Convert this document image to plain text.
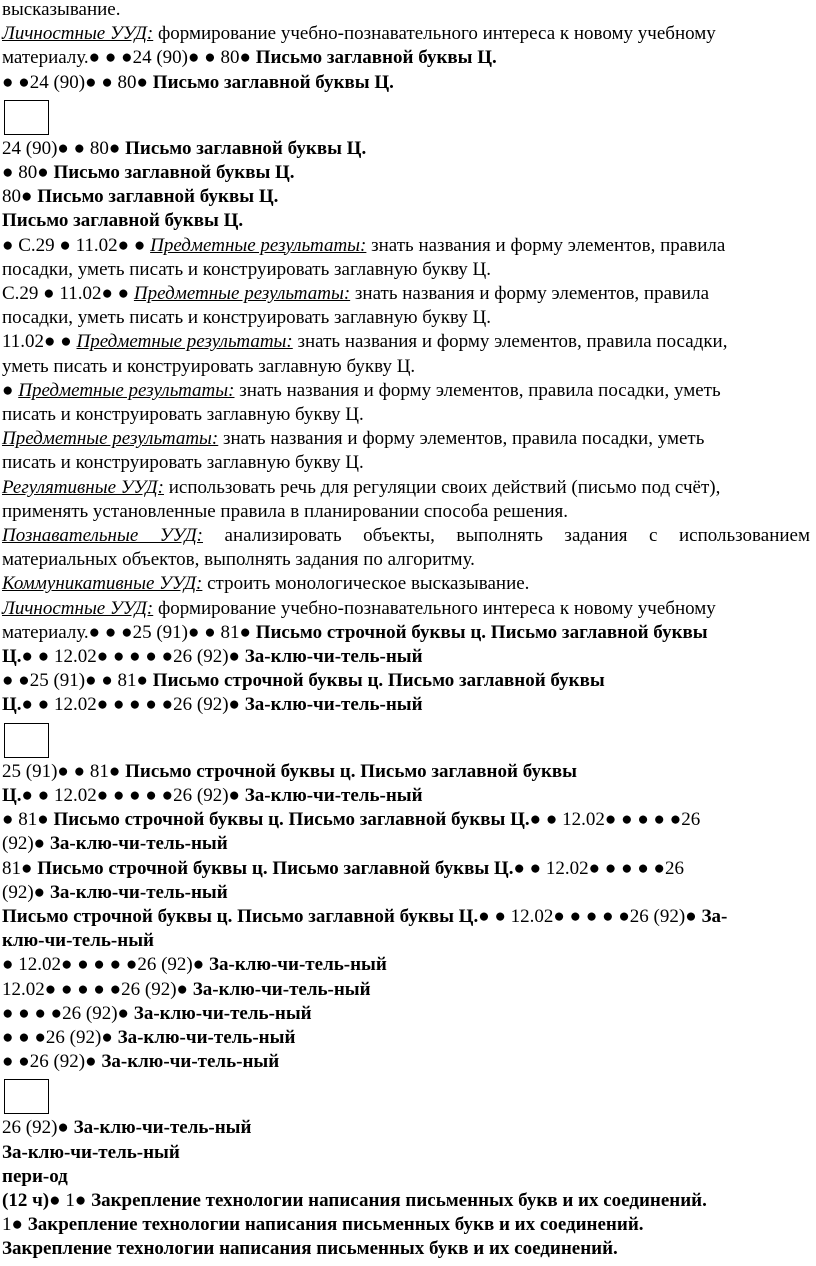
высказывание.
Личностные УУД: формирование учебно-познавательного интереса к новому учебному
материалу.● ● ●24 (90)● ● 80● Письмо заглавной буквы Ц.
● ●24 (90)● ● 80● Письмо заглавной буквы Ц.
24 (90)● ● 80● Письмо заглавной буквы Ц.
● 80● Письмо заглавной буквы Ц.
80● Письмо заглавной буквы Ц.
Письмо заглавной буквы Ц.
● С.29 ● 11.02● ● Предметные результаты: знать названия и форму элементов, правила
посадки, уметь писать и конструировать заглавную букву Ц.
С.29 ● 11.02● ● Предметные результаты: знать названия и форму элементов, правила
посадки, уметь писать и конструировать заглавную букву Ц.
11.02● ● Предметные результаты: знать названия и форму элементов, правила посадки,
уметь писать и конструировать заглавную букву Ц.
● Предметные результаты: знать названия и форму элементов, правила посадки, уметь
писать и конструировать заглавную букву Ц.
Предметные результаты: знать названия и форму элементов, правила посадки, уметь
писать и конструировать заглавную букву Ц.
Регулятивные УУД: использовать речь для регуляции своих действий (письмо под счёт),
применять установленные правила в планировании способа решения.
Познавательные УУД: анализировать объекты, выполнять задания с использованием
материальных объектов, выполнять задания по алгоритму.
Коммуникативные УУД: строить монологическое высказывание.
Личностные УУД: формирование учебно-познавательного интереса к новому учебному
материалу.● ● ●25 (91)● ● 81● Письмо строчной буквы ц. Письмо заглавной буквы
Ц.● ● 12.02● ● ● ● ●26 (92)● За-клю-чи-тель-ный
● ●25 (91)● ● 81● Письмо строчной буквы ц. Письмо заглавной буквы
Ц.● ● 12.02● ● ● ● ●26 (92)● За-клю-чи-тель-ный
25 (91)● ● 81● Письмо строчной буквы ц. Письмо заглавной буквы
Ц.● ● 12.02● ● ● ● ●26 (92)● За-клю-чи-тель-ный
● 81● Письмо строчной буквы ц. Письмо заглавной буквы Ц.● ● 12.02● ● ● ● ●26
(92)● За-клю-чи-тель-ный
81● Письмо строчной буквы ц. Письмо заглавной буквы Ц.● ● 12.02● ● ● ● ●26
(92)● За-клю-чи-тель-ный
Письмо строчной буквы ц. Письмо заглавной буквы Ц.● ● 12.02● ● ● ● ●26 (92)● За-
клю-чи-тель-ный
● 12.02● ● ● ● ●26 (92)● За-клю-чи-тель-ный
12.02● ● ● ● ●26 (92)● За-клю-чи-тель-ный
● ● ● ●26 (92)● За-клю-чи-тель-ный
● ● ●26 (92)● За-клю-чи-тель-ный
● ●26 (92)● За-клю-чи-тель-ный
26 (92)● За-клю-чи-тель-ный
За-клю-чи-тель-ный
пери-од
(12 ч)● 1● Закрепление технологии написания письменных букв и их соединений.
1● Закрепление технологии написания письменных букв и их соединений.
Закрепление технологии написания письменных букв и их соединений.
